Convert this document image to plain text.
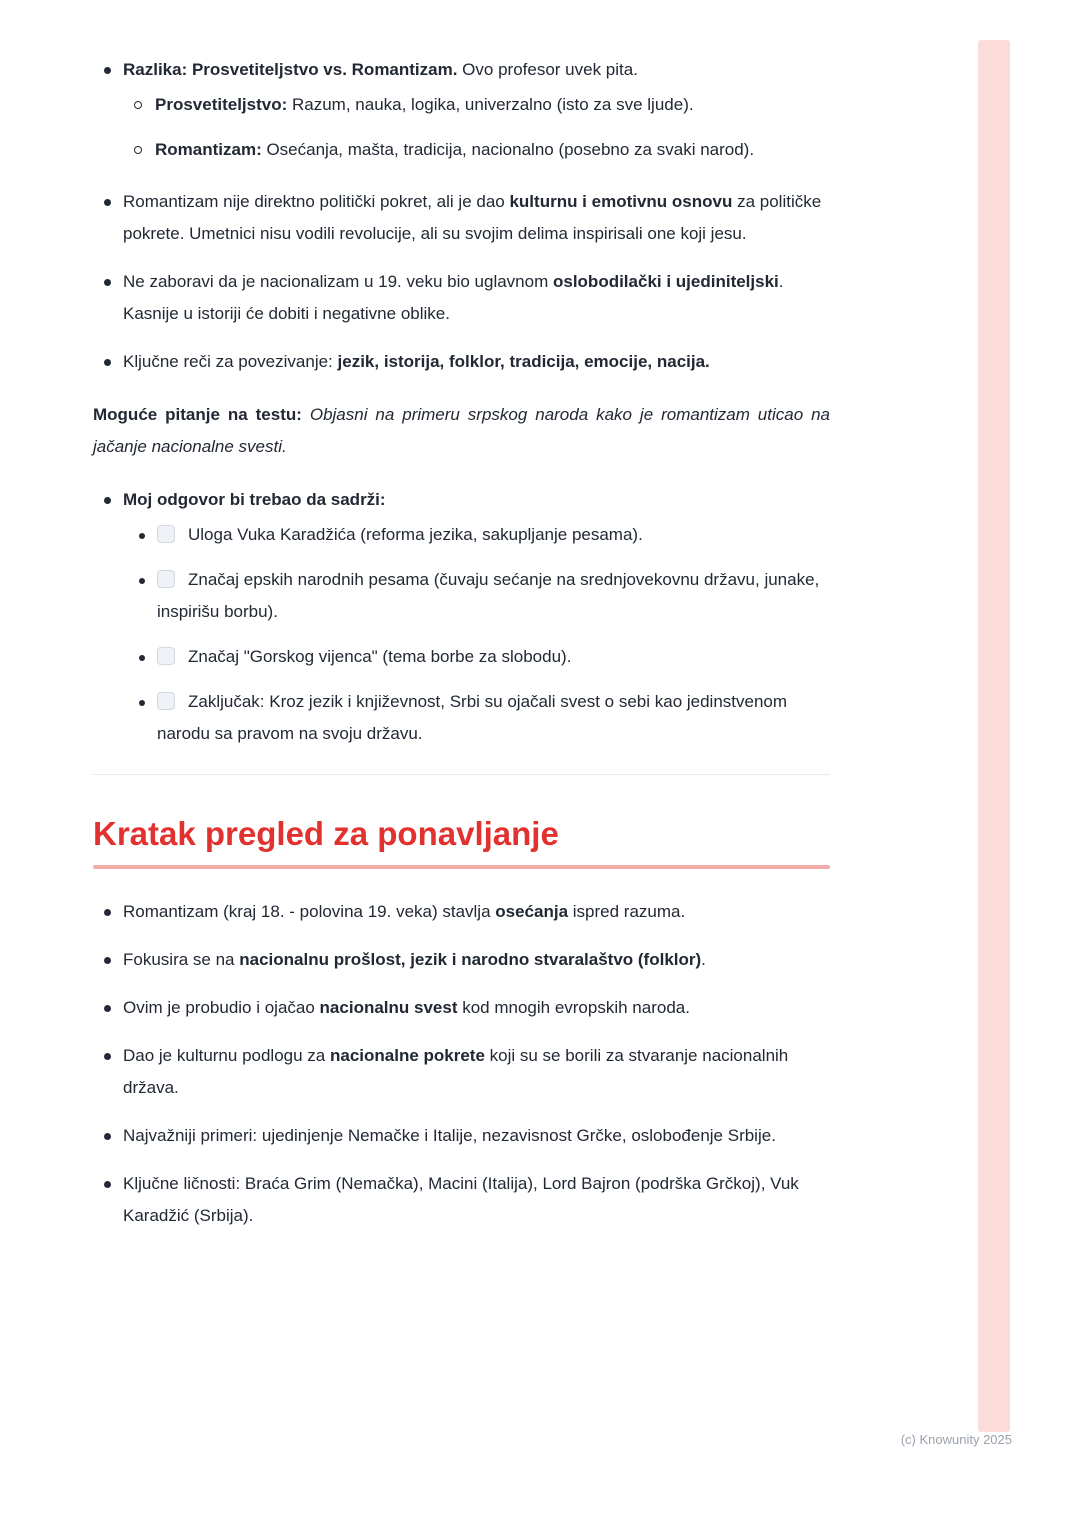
Razlika: Prosvetiteljstvo vs. Romantizam. Ovo profesor uvek pita.
Prosvetiteljstvo: Razum, nauka, logika, univerzalno (isto za sve ljude).
Romantizam: Osećanja, mašta, tradicija, nacionalno (posebno za svaki narod).
Romantizam nije direktno politički pokret, ali je dao kulturnu i emotivnu osnovu za političke pokrete. Umetnici nisu vodili revolucije, ali su svojim delima inspirisali one koji jesu.
Ne zaboravi da je nacionalizam u 19. veku bio uglavnom oslobodilački i ujediniteljski. Kasnije u istoriji će dobiti i negativne oblike.
Ključne reči za povezivanje: jezik, istorija, folklor, tradicija, emocije, nacija.

Moguće pitanje na testu: Objasni na primeru srpskog naroda kako je romantizam uticao na jačanje nacionalne svesti.

Moj odgovor bi trebao da sadrži:
Uloga Vuka Karadžića (reforma jezika, sakupljanje pesama).
Značaj epskih narodnih pesama (čuvaju sećanje na srednjovekovnu državu, junake, inspirišu borbu).
Značaj "Gorskog vijenca" (tema borbe za slobodu).
Zaključak: Kroz jezik i književnost, Srbi su ojačali svest o sebi kao jedinstvenom narodu sa pravom na svoju državu.
Kratak pregled za ponavljanje
Romantizam (kraj 18. - polovina 19. veka) stavlja osećanja ispred razuma.
Fokusira se na nacionalnu prošlost, jezik i narodno stvaralaštvo (folklor).
Ovim je probudio i ojačao nacionalnu svest kod mnogih evropskih naroda.
Dao je kulturnu podlogu za nacionalne pokrete koji su se borili za stvaranje nacionalnih država.
Najvažniji primeri: ujedinjenje Nemačke i Italije, nezavisnost Grčke, oslobođenje Srbije.
Ključne ličnosti: Braća Grim (Nemačka), Macini (Italija), Lord Bajron (podrška Grčkoj), Vuk Karadžić (Srbija).
(c) Knowunity 2025
